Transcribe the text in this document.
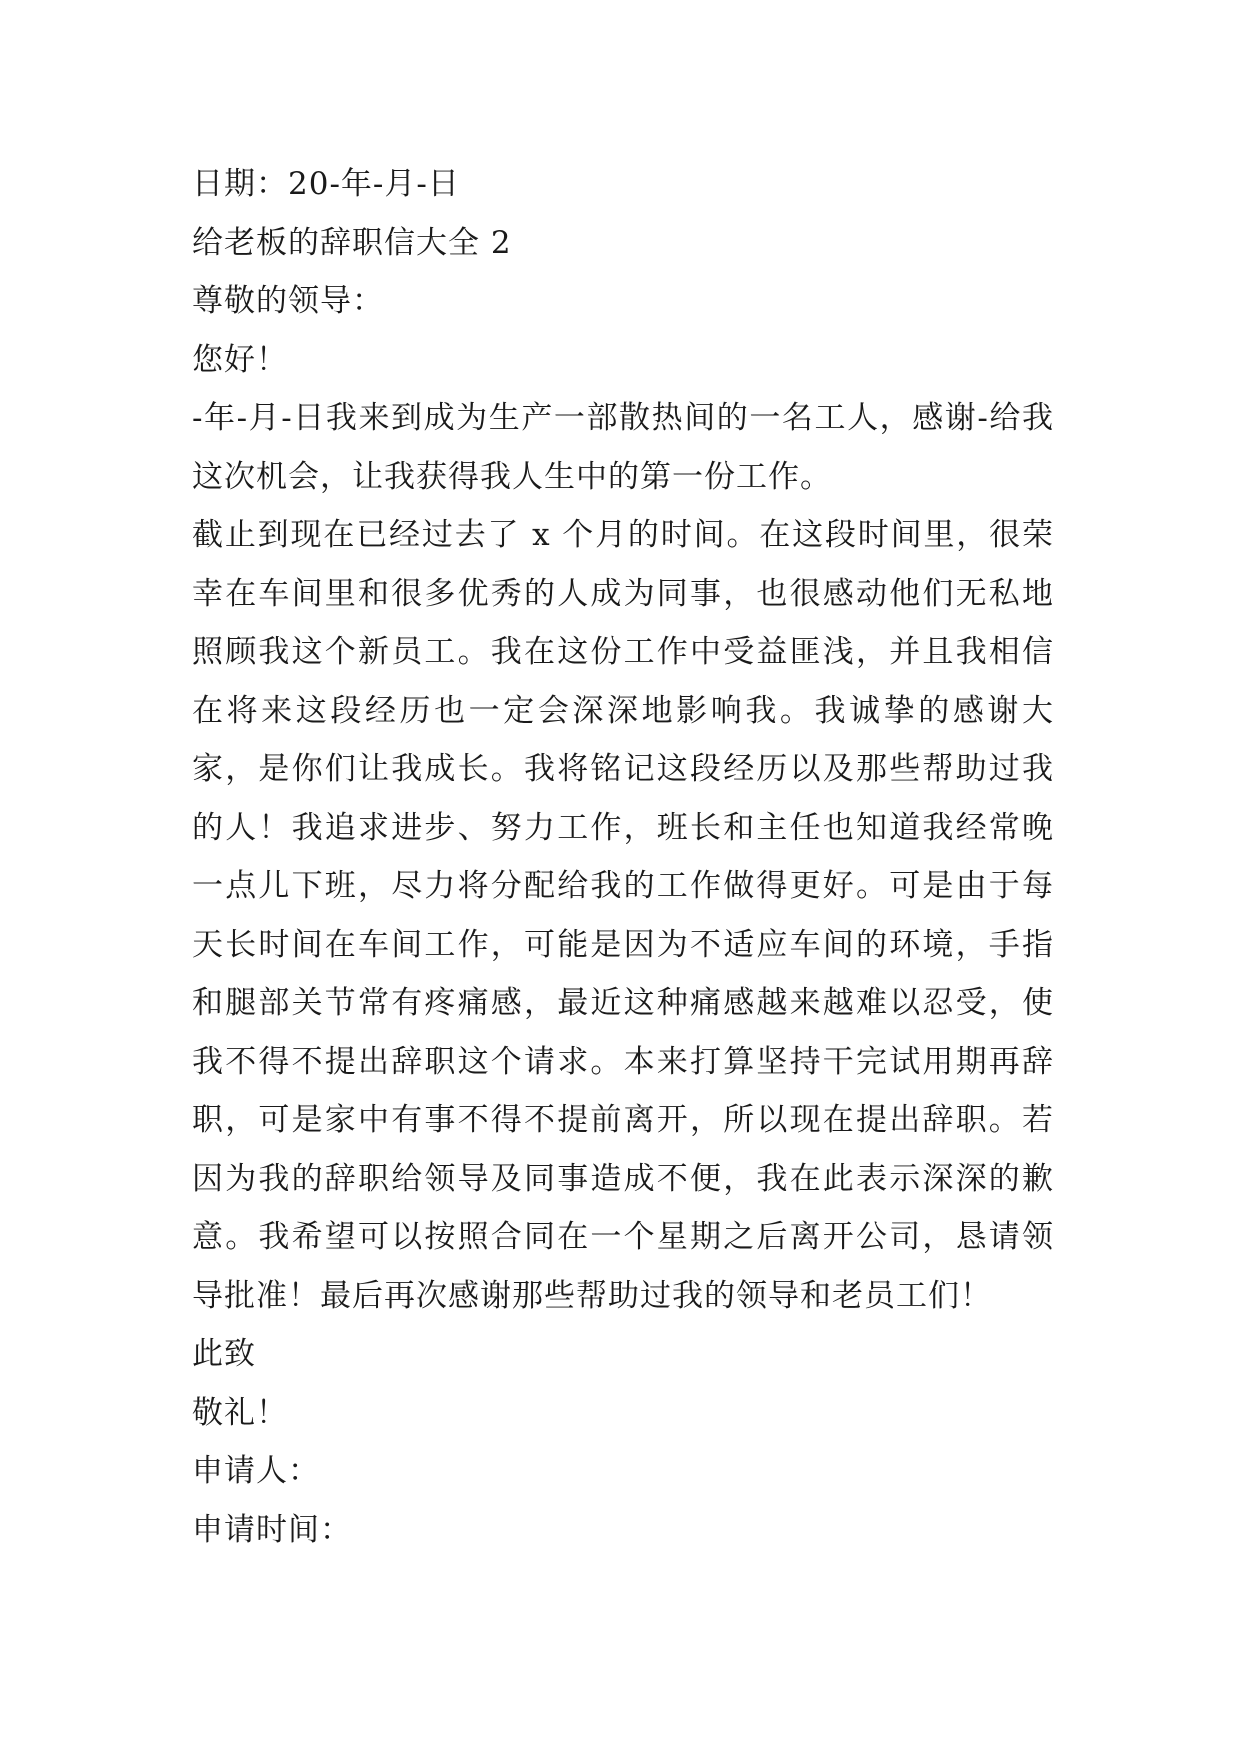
日期：20-年-月-日
给老板的辞职信大全 2
尊敬的领导：
您好！
-年-月-日我来到成为生产一部散热间的一名工人，感谢-给我这次机会，让我获得我人生中的第一份工作。
截止到现在已经过去了 x 个月的时间。在这段时间里，很荣幸在车间里和很多优秀的人成为同事，也很感动他们无私地照顾我这个新员工。我在这份工作中受益匪浅，并且我相信在将来这段经历也一定会深深地影响我。我诚挚的感谢大家，是你们让我成长。我将铭记这段经历以及那些帮助过我的人！我追求进步、努力工作，班长和主任也知道我经常晚一点儿下班，尽力将分配给我的工作做得更好。可是由于每天长时间在车间工作，可能是因为不适应车间的环境，手指和腿部关节常有疼痛感，最近这种痛感越来越难以忍受，使我不得不提出辞职这个请求。本来打算坚持干完试用期再辞职，可是家中有事不得不提前离开，所以现在提出辞职。若因为我的辞职给领导及同事造成不便，我在此表示深深的歉意。我希望可以按照合同在一个星期之后离开公司，恳请领导批准！最后再次感谢那些帮助过我的领导和老员工们！
此致
敬礼！
申请人：
申请时间：
